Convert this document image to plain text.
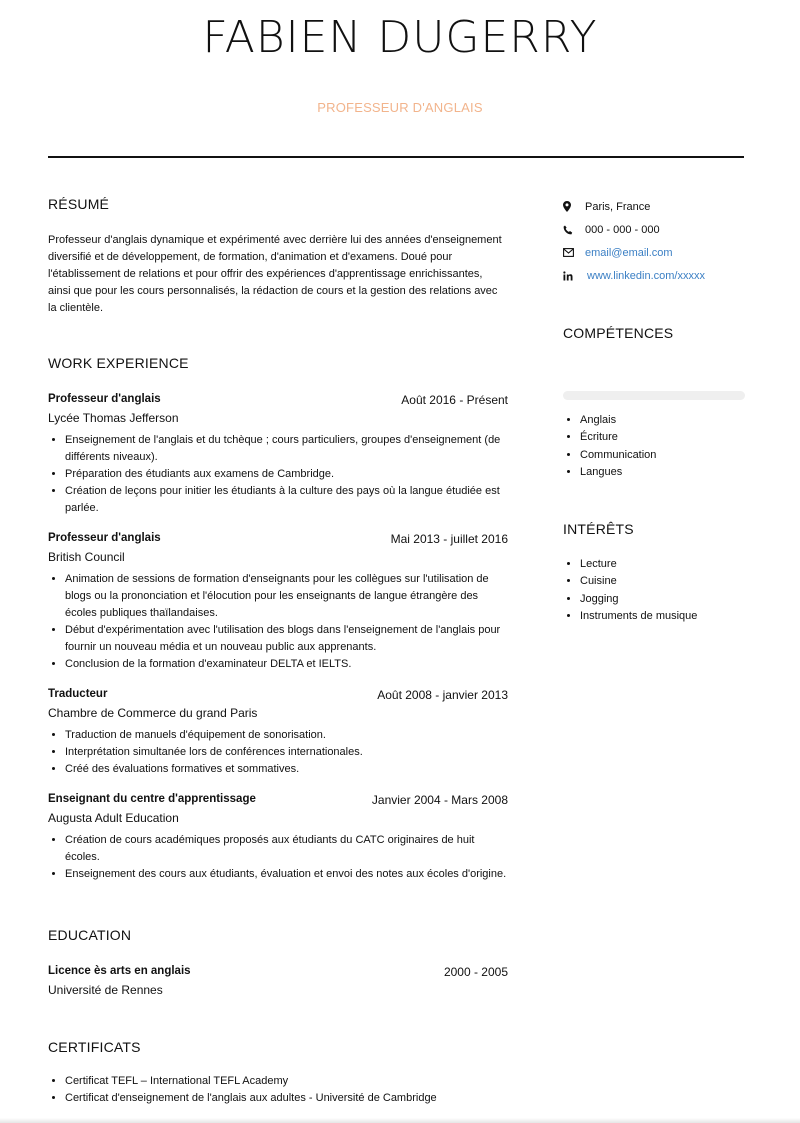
FABIEN DUGERRY
PROFESSEUR D'ANGLAIS
RÉSUMÉ
Professeur d'anglais dynamique et expérimenté avec derrière lui des années d'enseignement diversifié et de développement, de formation, d'animation et d'examens. Doué pour l'établissement de relations et pour offrir des expériences d'apprentissage enrichissantes, ainsi que pour les cours personnalisés, la rédaction de cours et la gestion des relations avec la clientèle.
WORK EXPERIENCE
Professeur d'anglais	Août 2016 - Présent
Lycée Thomas Jefferson
• Enseignement de l'anglais et du tchèque ; cours particuliers, groupes d'enseignement (de différents niveaux).
• Préparation des étudiants aux examens de Cambridge.
• Création de leçons pour initier les étudiants à la culture des pays où la langue étudiée est parlée.
Professeur d'anglais	Mai 2013 - juillet 2016
British Council
• Animation de sessions de formation d'enseignants pour les collègues sur l'utilisation de blogs ou la prononciation et l'élocution pour les enseignants de langue étrangère des écoles publiques thaïlandaises.
• Début d'expérimentation avec l'utilisation des blogs dans l'enseignement de l'anglais pour fournir un nouveau média et un nouveau public aux apprenants.
• Conclusion de la formation d'examinateur DELTA et IELTS.
Traducteur	Août 2008 - janvier 2013
Chambre de Commerce du grand Paris
• Traduction de manuels d'équipement de sonorisation.
• Interprétation simultanée lors de conférences internationales.
• Créé des évaluations formatives et sommatives.
Enseignant du centre d'apprentissage	Janvier 2004 - Mars 2008
Augusta Adult Education
• Création de cours académiques proposés aux étudiants du CATC originaires de huit écoles.
• Enseignement des cours aux étudiants, évaluation et envoi des notes aux écoles d'origine.
EDUCATION
Licence ès arts en anglais	2000 - 2005
Université de Rennes
CERTIFICATS
• Certificat TEFL – International TEFL Academy
• Certificat d'enseignement de l'anglais aux adultes - Université de Cambridge
Paris, France
000 - 000 - 000
email@email.com
www.linkedin.com/xxxxx
COMPÉTENCES
• Anglais
• Écriture
• Communication
• Langues
INTÉRÊTS
• Lecture
• Cuisine
• Jogging
• Instruments de musique
